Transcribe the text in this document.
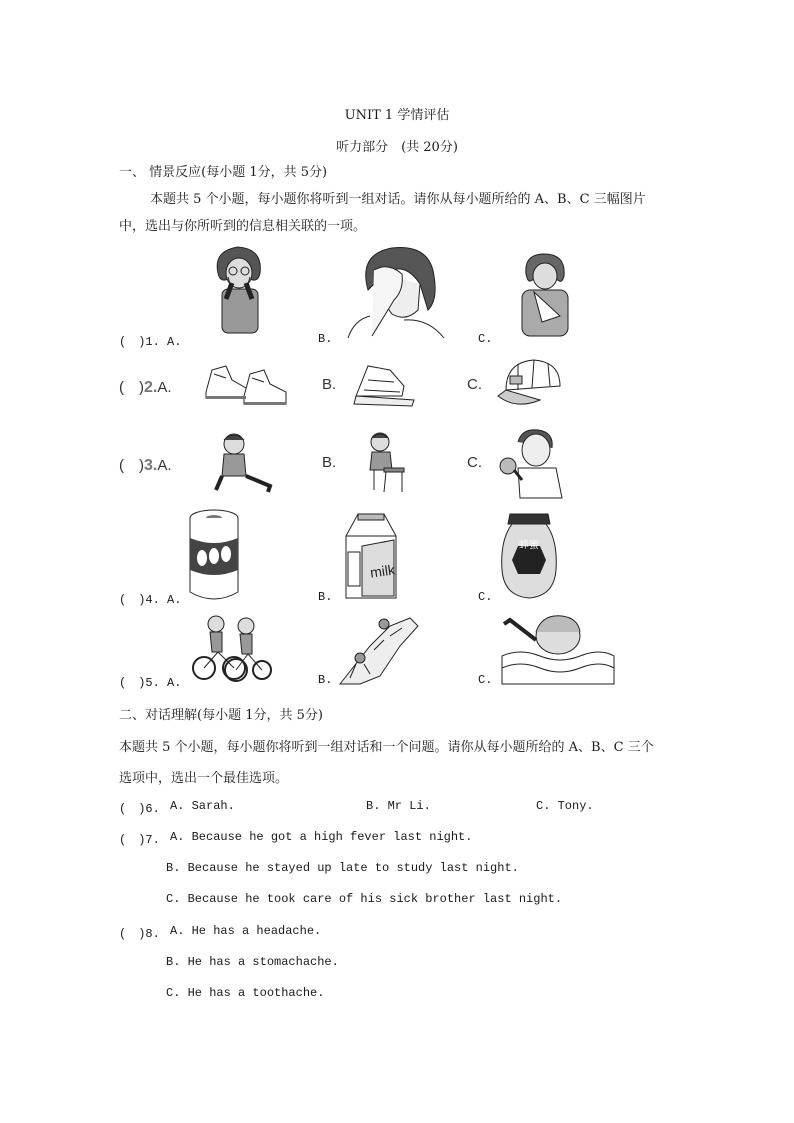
UNIT 1 学情评估
听力部分　(共 20分)
一、 情景反应(每小题 1分，共 5分)
本题共 5 个小题，每小题你将听到一组对话。请你从每小题所给的 A、B、C 三幅图片
中，选出与你所听到的信息相关联的一项。
(　)1. A.	B.	C.
(　)2.A.	B.	C.
(　)3.A.	B.	C.
milk
蜂蜜
(　)4. A.	B.	C.
(　)5. A.	B.	C.
二、对话理解(每小题 1分，共 5分)
本题共 5 个小题，每小题你将听到一组对话和一个问题。请你从每小题所给的 A、B、C 三个
选项中，选出一个最佳选项。
(　)6. A. Sarah.	B. Mr Li.	C. Tony.
(　)7. A. Because he got a high fever last night.
B. Because he stayed up late to study last night.
C. Because he took care of his sick brother last night.
(　)8. A. He has a headache.
B. He has a stomachache.
C. He has a toothache.
